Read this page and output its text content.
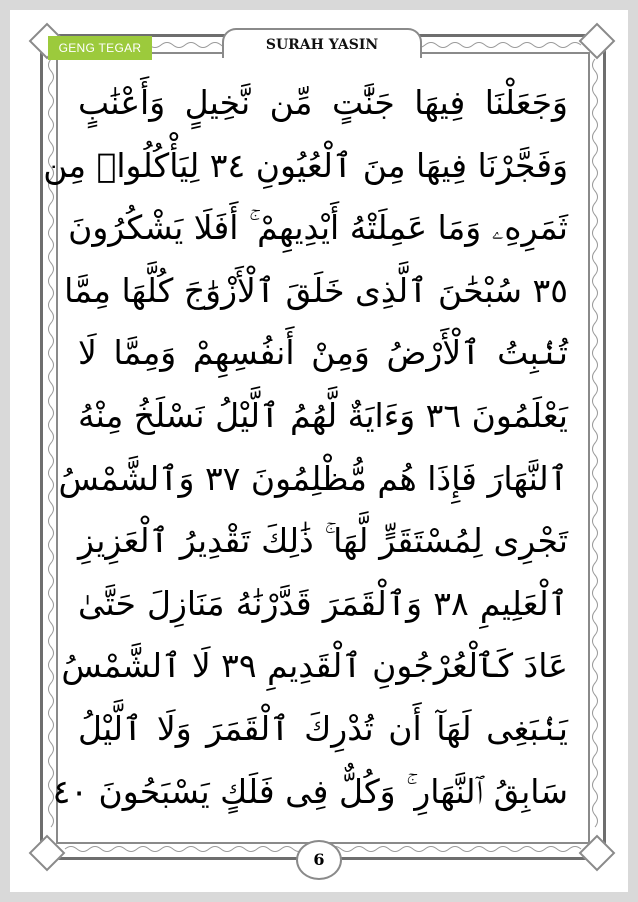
GENG TEGAR	SURAH YASIN
وَجَعَلْنَا فِيهَا جَنَّٰتٍ مِّن نَّخِيلٍ وَأَعْنَٰبٍ
وَفَجَّرْنَا فِيهَا مِنَ ٱلْعُيُونِ ٣٤ لِيَأْكُلُوا۟ مِن
ثَمَرِهِۦ وَمَا عَمِلَتْهُ أَيْدِيهِمْ ۚ أَفَلَا يَشْكُرُونَ
٣٥ سُبْحَٰنَ ٱلَّذِى خَلَقَ ٱلْأَزْوَٰجَ كُلَّهَا مِمَّا
تُنۢبِتُ ٱلْأَرْضُ وَمِنْ أَنفُسِهِمْ وَمِمَّا لَا
يَعْلَمُونَ ٣٦ وَءَايَةٌ لَّهُمُ ٱلَّيْلُ نَسْلَخُ مِنْهُ
ٱلنَّهَارَ فَإِذَا هُم مُّظْلِمُونَ ٣٧ وَٱلشَّمْسُ
تَجْرِى لِمُسْتَقَرٍّ لَّهَا ۚ ذَٰلِكَ تَقْدِيرُ ٱلْعَزِيزِ
ٱلْعَلِيمِ ٣٨ وَٱلْقَمَرَ قَدَّرْنَٰهُ مَنَازِلَ حَتَّىٰ
عَادَ كَٱلْعُرْجُونِ ٱلْقَدِيمِ ٣٩ لَا ٱلشَّمْسُ
يَنۢبَغِى لَهَآ أَن تُدْرِكَ ٱلْقَمَرَ وَلَا ٱلَّيْلُ
سَابِقُ ٱلنَّهَارِ ۚ وَكُلٌّ فِى فَلَكٍ يَسْبَحُونَ ٤٠
6
